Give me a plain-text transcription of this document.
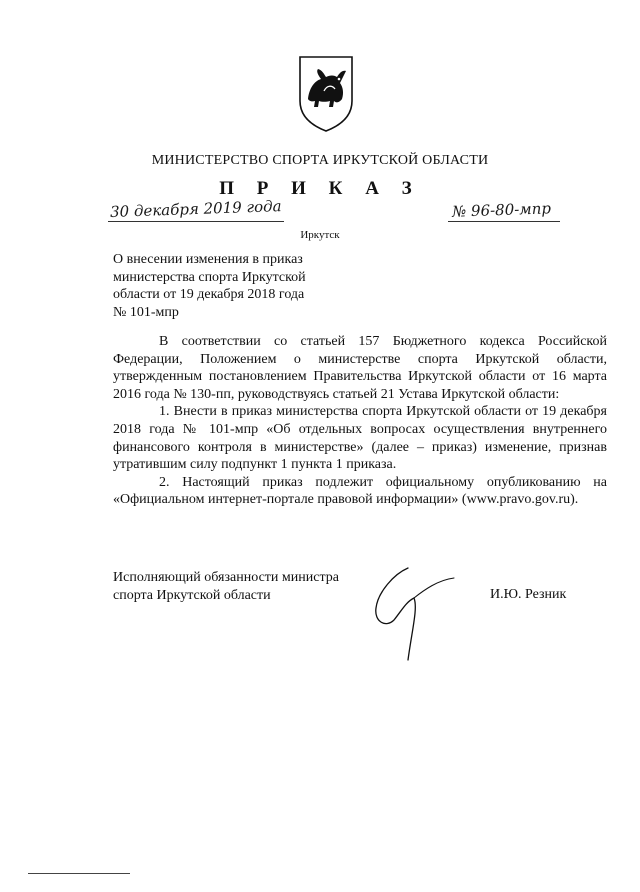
МИНИСТЕРСТВО СПОРТА ИРКУТСКОЙ ОБЛАСТИ
П Р И К А З
30 декабря 2019 года	№ 96-80-мпр
Иркутск
О внесении изменения в приказ
министерства спорта Иркутской
области от 19 декабря 2018 года
№ 101-мпр

В соответствии со статьей 157 Бюджетного кодекса Российской Федерации, Положением о министерстве спорта Иркутской области, утвержденным постановлением Правительства Иркутской области от 16 марта 2016 года № 130-пп, руководствуясь статьей 21 Устава Иркутской области:

1. Внести в приказ министерства спорта Иркутской области от 19 декабря 2018 года № 101-мпр «Об отдельных вопросах осуществления внутреннего финансового контроля в министерстве» (далее – приказ) изменение, признав утратившим силу подпункт 1 пункта 1 приказа.

2. Настоящий приказ подлежит официальному опубликованию на «Официальном интернет-портале правовой информации» (www.pravo.gov.ru).

Исполняющий обязанности министра
спорта Иркутской области	И.Ю. Резник
